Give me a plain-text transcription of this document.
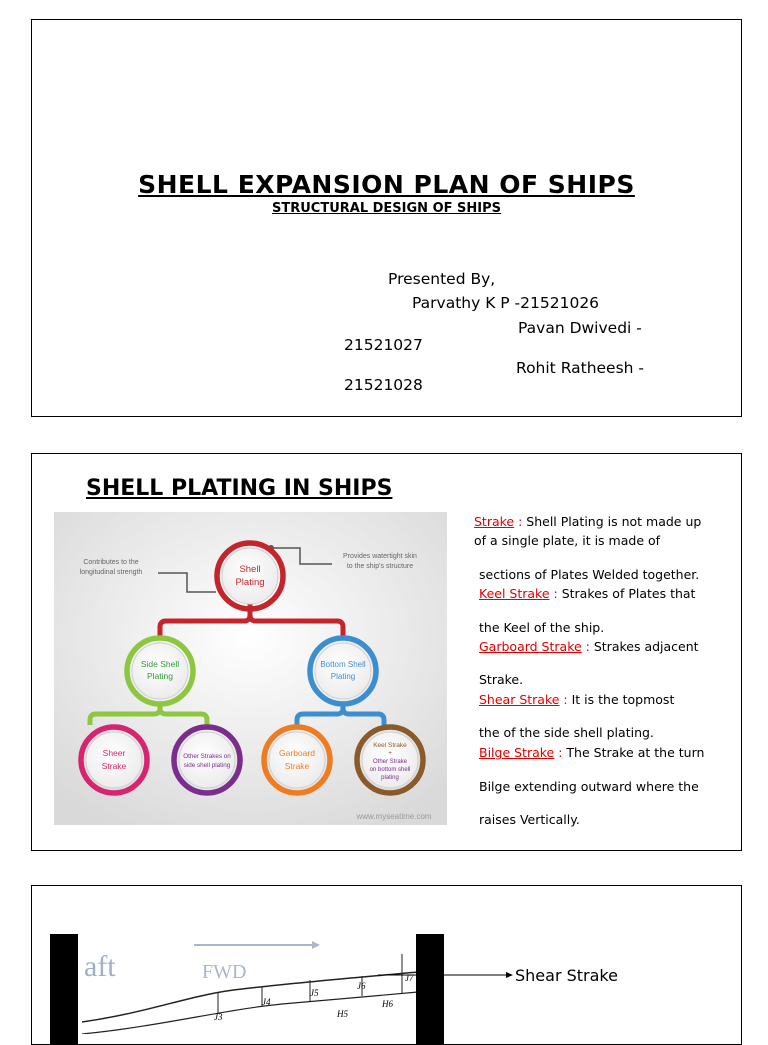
SHELL EXPANSION PLAN OF SHIPS
STRUCTURAL DESIGN OF SHIPS
Presented By,
Parvathy K P -21521026
Pavan Dwivedi -
21521027
Rohit Ratheesh -
21521028
SHELL PLATING IN SHIPS
Contributes to the
longitudinal strength
Provides watertight skin
to the ship's structure
Shell
Plating
Side Shell
Plating
Bottom Shell
Plating
Sheer
Strake
Other Strakes on
side shell plating
Garboard
Strake
Keel Strake
+
Other Strake
on bottom shell
plating
www.myseatime.com
Strake : Shell Plating is not made up
of a single plate, it is made of
sections of Plates Welded together.
Keel Strake : Strakes of Plates that
the Keel of the ship.
Garboard Strake : Strakes adjacent
Strake.
Shear Strake : It is the topmost
the of the side shell plating.
Bilge Strake : The Strake at the turn
Bilge extending outward where the
raises Vertically.
aft	FWD
J3
J4
J5
J6
J7
H5
H6
Shear Strake
